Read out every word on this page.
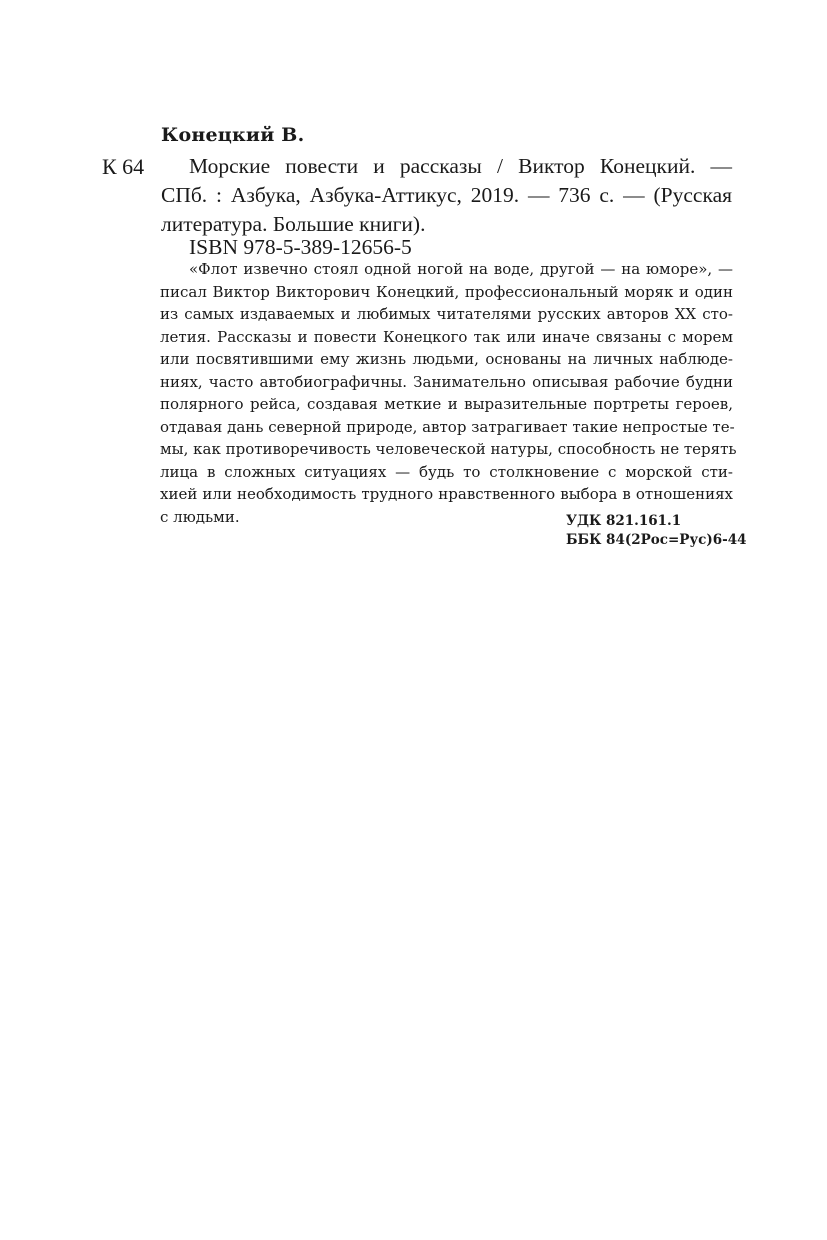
Конецкий В.
К 64 Морские повести и рассказы / Виктор Конецкий. —
СПб. : Азбука, Азбука-Аттикус, 2019. — 736 с. — (Русская
литература. Большие книги).
ISBN 978-5-389-12656-5
«Флот извечно стоял одной ногой на воде, другой — на юморе», —
писал Виктор Викторович Конецкий, профессиональный моряк и один
из самых издаваемых и любимых читателями русских авторов XX сто-
летия. Рассказы и повести Конецкого так или иначе связаны с морем
или посвятившими ему жизнь людьми, основаны на личных наблюде-
ниях, часто автобиографичны. Занимательно описывая рабочие будни
полярного рейса, создавая меткие и выразительные портреты героев,
отдавая дань северной природе, автор затрагивает такие непростые те-
мы, как противоречивость человеческой натуры, способность не терять
лица в сложных ситуациях — будь то столкновение с морской сти-
хией или необходимость трудного нравственного выбора в отношениях
с людьми.	УДК 821.161.1
ББК 84(2Рос=Рус)6-44
